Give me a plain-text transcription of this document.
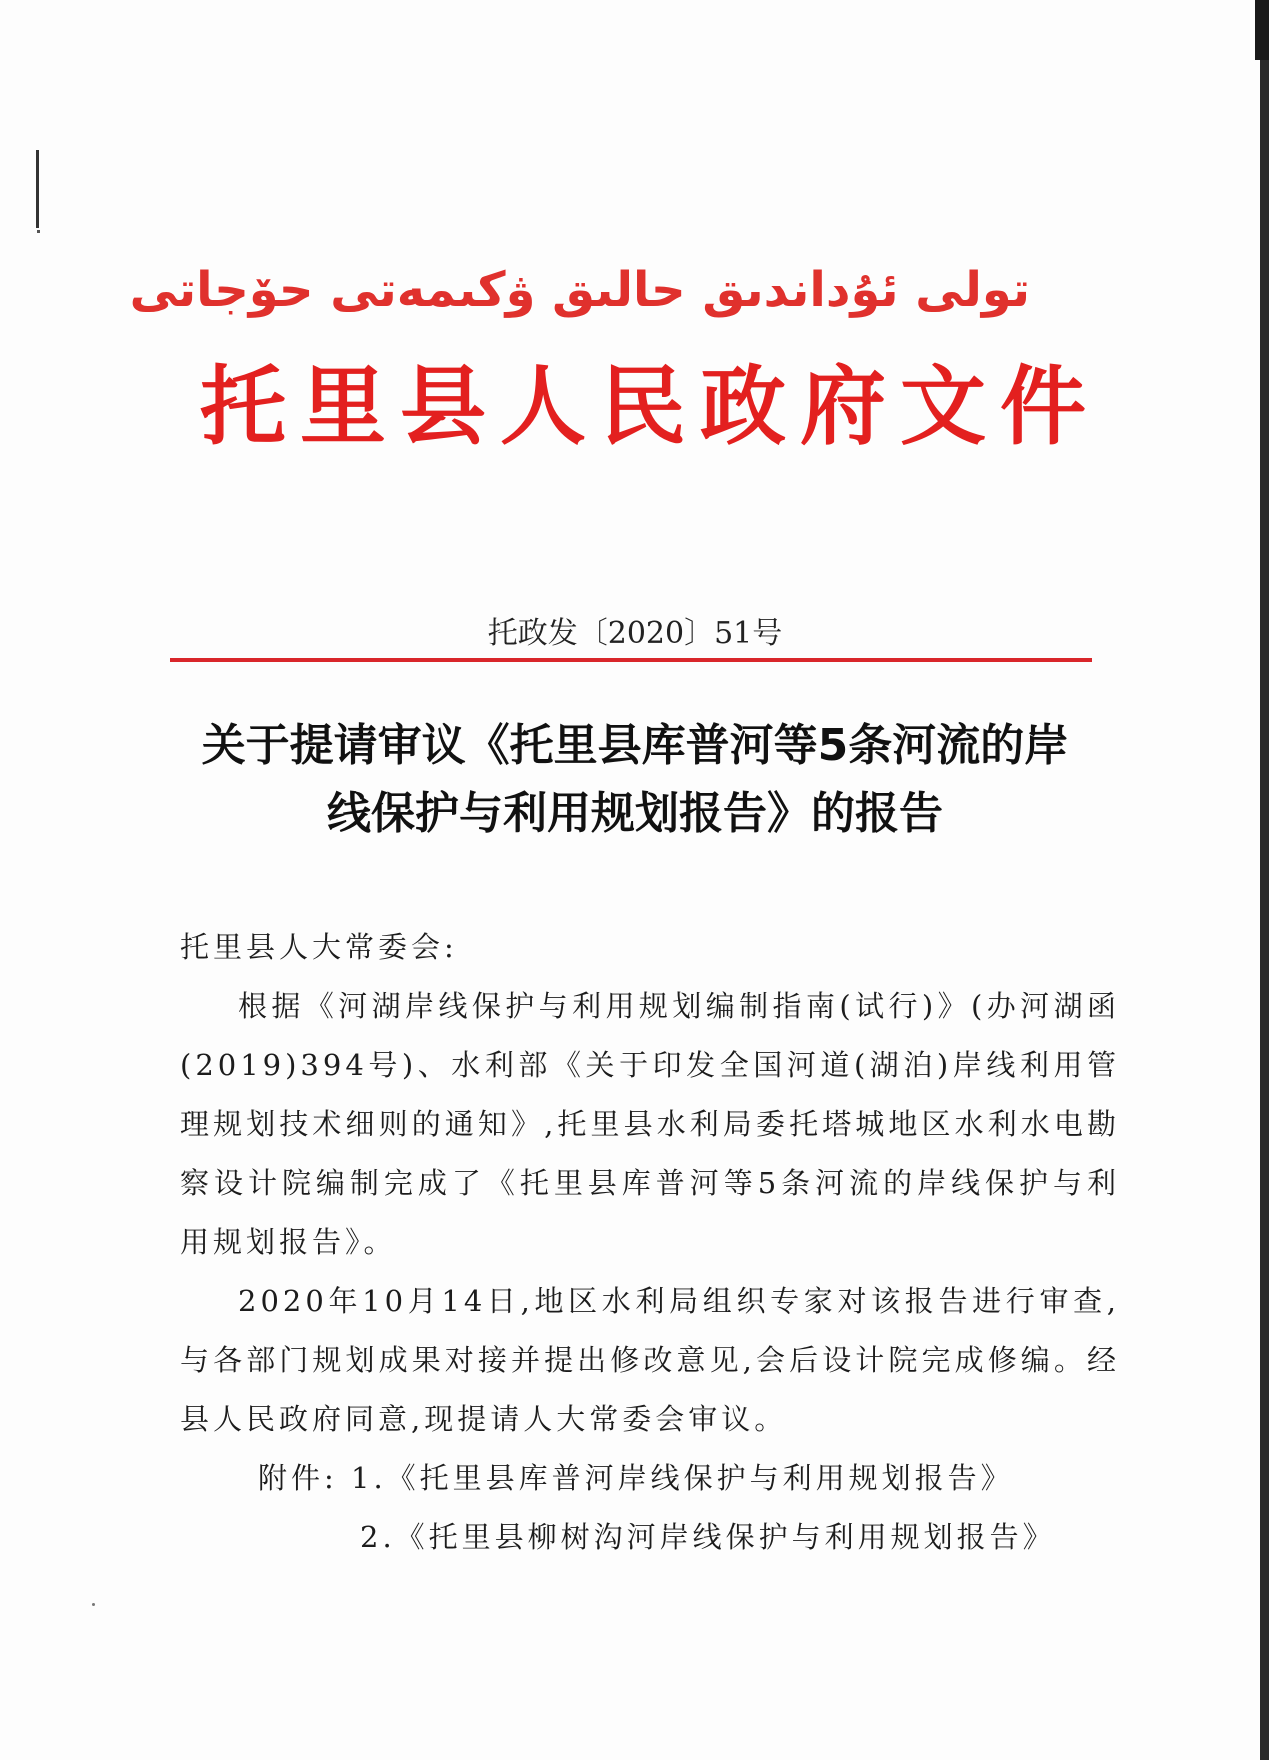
تولى ئۇداندىق حالىق ۋكىمەتى حۆجاتى
托里县人民政府文件
托政发〔2020〕51号
关于提请审议《托里县库普河等5条河流的岸
线保护与利用规划报告》的报告

托里县人大常委会:

根据《河湖岸线保护与利用规划编制指南(试行)》(办河湖函(2019)394号)、水利部《关于印发全国河道(湖泊)岸线利用管理规划技术细则的通知》,托里县水利局委托塔城地区水利水电勘察设计院编制完成了《托里县库普河等5条河流的岸线保护与利用规划报告》。

2020年10月14日,地区水利局组织专家对该报告进行审查,与各部门规划成果对接并提出修改意见,会后设计院完成修编。经县人民政府同意,现提请人大常委会审议。

附件: 1.《托里县库普河岸线保护与利用规划报告》

2.《托里县柳树沟河岸线保护与利用规划报告》
